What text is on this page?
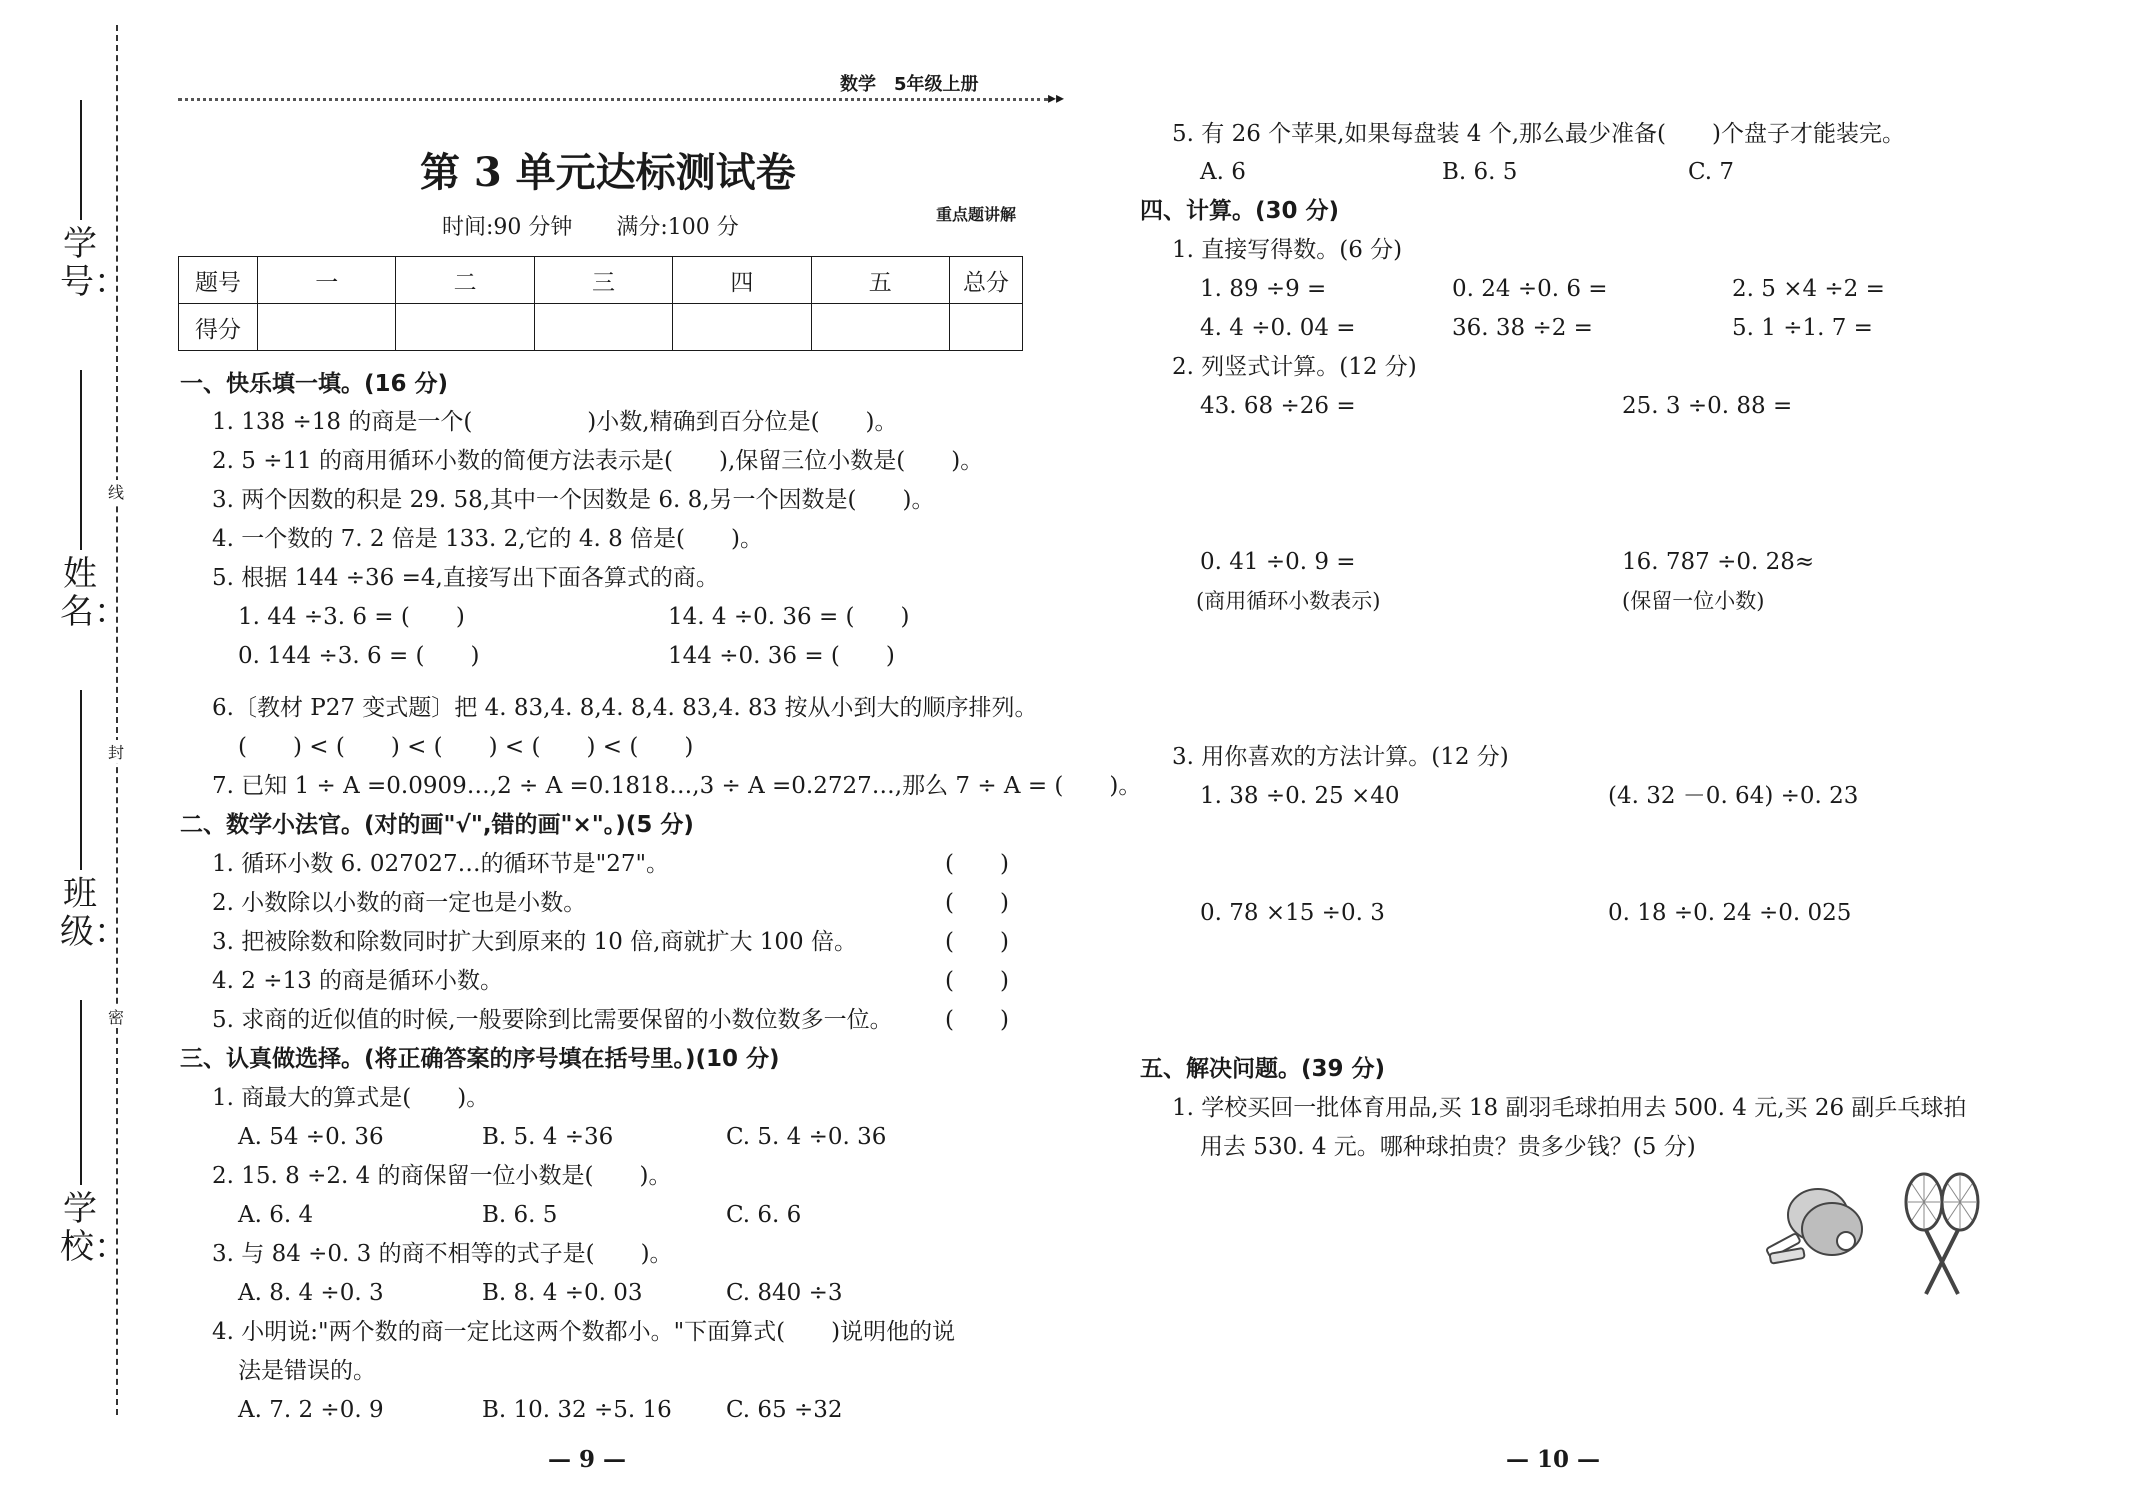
学号：
姓名：
班级：
学校：
线
封
密
数学　5年级上册
▸▸
第 3 单元达标测试卷
时间:90 分钟　　满分:100 分
重点题讲解
题号	一	二	三	四	五	总分
得分						
一、快乐填一填。(16 分)
1. 138 ÷18 的商是一个(　　　　　)小数,精确到百分位是(　　)。
2. 5 ÷11 的商用循环小数的简便方法表示是(　　),保留三位小数是(　　)。
3. 两个因数的积是 29. 58,其中一个因数是 6. 8,另一个因数是(　　)。
4. 一个数的 7. 2 倍是 133. 2,它的 4. 8 倍是(　　)。
5. 根据 144 ÷36 =4,直接写出下面各算式的商。
1. 44 ÷3. 6 = (　　)	14. 4 ÷0. 36 = (　　)
0. 144 ÷3. 6 = (　　)	144 ÷0. 36 = (　　)
6.〔教材 P27 变式题〕把 4. 83,4. 8,4. 8,4. 83,4. 83 按从小到大的顺序排列。
(　　) < (　　) < (　　) < (　　) < (　　)
7. 已知 1 ÷ A =0.0909…,2 ÷ A =0.1818…,3 ÷ A =0.2727…,那么 7 ÷ A = (　　)。
二、数学小法官。(对的画"√",错的画"×"。)(5 分)
1. 循环小数 6. 027027…的循环节是"27"。	(　　)
2. 小数除以小数的商一定也是小数。	(　　)
3. 把被除数和除数同时扩大到原来的 10 倍,商就扩大 100 倍。	(　　)
4. 2 ÷13 的商是循环小数。	(　　)
5. 求商的近似值的时候,一般要除到比需要保留的小数位数多一位。 (　　)
三、认真做选择。(将正确答案的序号填在括号里。)(10 分)
1. 商最大的算式是(　　)。
A. 54 ÷0. 36	B. 5. 4 ÷36	C. 5. 4 ÷0. 36
2. 15. 8 ÷2. 4 的商保留一位小数是(　　)。
A. 6. 4	B. 6. 5	C. 6. 6
3. 与 84 ÷0. 3 的商不相等的式子是(　　)。
A. 8. 4 ÷0. 3	B. 8. 4 ÷0. 03	C. 840 ÷3
4. 小明说:"两个数的商一定比这两个数都小。"下面算式(　　)说明他的说
法是错误的。
A. 7. 2 ÷0. 9	B. 10. 32 ÷5. 16 C. 65 ÷32
— 9 —
5. 有 26 个苹果,如果每盘装 4 个,那么最少准备(　　)个盘子才能装完。
A. 6	B. 6. 5	C. 7
四、计算。(30 分)
1. 直接写得数。(6 分)
1. 89 ÷9 =	0. 24 ÷0. 6 =	2. 5 ×4 ÷2 =
4. 4 ÷0. 04 =	36. 38 ÷2 =	5. 1 ÷1. 7 =
2. 列竖式计算。(12 分)
43. 68 ÷26 =	25. 3 ÷0. 88 =
0. 41 ÷0. 9 =	16. 787 ÷0. 28≈
(商用循环小数表示)	(保留一位小数)
3. 用你喜欢的方法计算。(12 分)
1. 38 ÷0. 25 ×40	(4. 32 －0. 64) ÷0. 23
0. 78 ×15 ÷0. 3	0. 18 ÷0. 24 ÷0. 025
五、解决问题。(39 分)
1. 学校买回一批体育用品,买 18 副羽毛球拍用去 500. 4 元,买 26 副乒乓球拍
用去 530. 4 元。哪种球拍贵？贵多少钱？(5 分)
— 10 —
